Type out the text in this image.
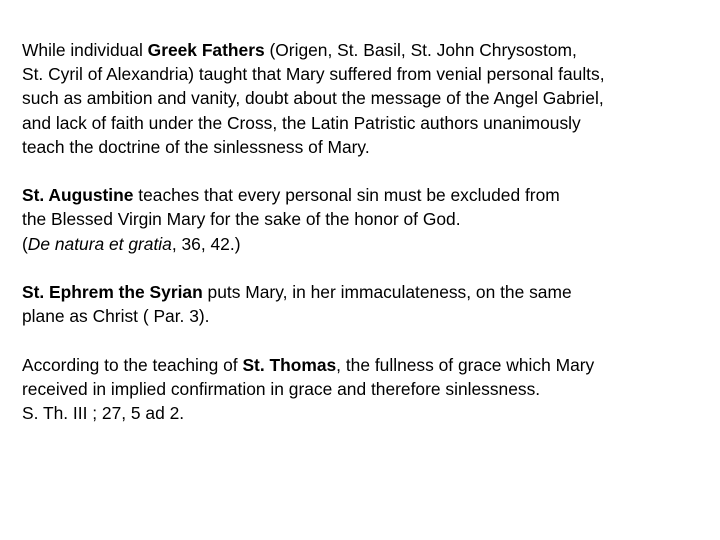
While individual Greek Fathers (Origen, St. Basil, St. John Chrysostom,
St. Cyril of Alexandria) taught that Mary suffered from venial personal faults,
such as ambition and vanity, doubt about the message of the Angel Gabriel,
and lack of faith under the Cross, the Latin Patristic authors unanimously
teach the doctrine of the sinlessness of Mary.

St. Augustine teaches that every personal sin must be excluded from
the Blessed Virgin Mary for the sake of the honor of God.
(De natura et gratia, 36, 42.)

St. Ephrem the Syrian puts Mary, in her immaculateness, on the same
plane as Christ ( Par. 3).

According to the teaching of St. Thomas, the fullness of grace which Mary
received in implied confirmation in grace and therefore sinlessness.
S. Th. III ; 27, 5 ad 2.
